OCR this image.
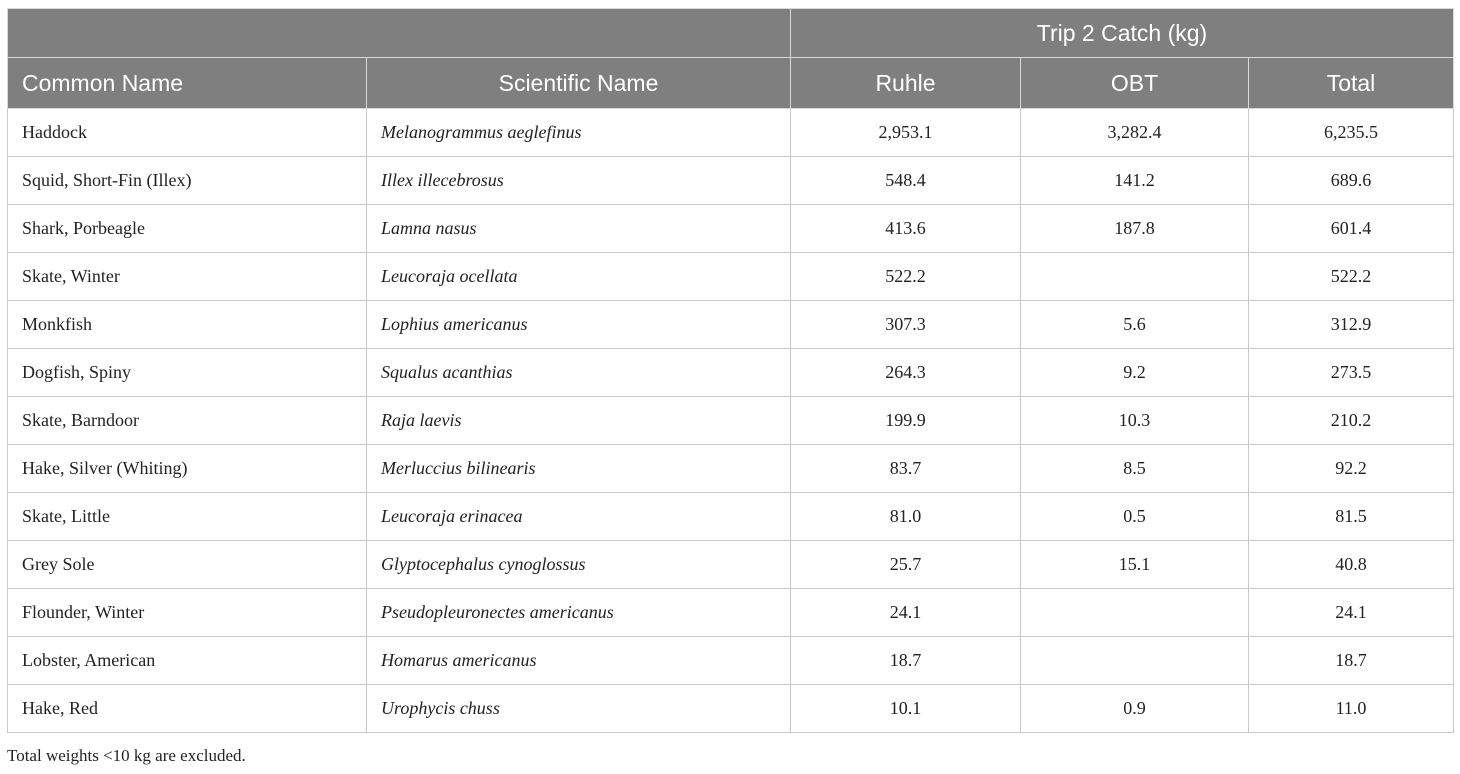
		Trip 2 Catch (kg)		
Common Name	Scientific Name	Ruhle	OBT	Total
Haddock	Melanogrammus aeglefinus	2,953.1	3,282.4	6,235.5
Squid, Short-Fin (Illex)	Illex illecebrosus	548.4	141.2	689.6
Shark, Porbeagle	Lamna nasus	413.6	187.8	601.4
Skate, Winter	Leucoraja ocellata	522.2		522.2
Monkfish	Lophius americanus	307.3	5.6	312.9
Dogfish, Spiny	Squalus acanthias	264.3	9.2	273.5
Skate, Barndoor	Raja laevis	199.9	10.3	210.2
Hake, Silver (Whiting)	Merluccius bilinearis	83.7	8.5	92.2
Skate, Little	Leucoraja erinacea	81.0	0.5	81.5
Grey Sole	Glyptocephalus cynoglossus	25.7	15.1	40.8
Flounder, Winter	Pseudopleuronectes americanus	24.1		24.1
Lobster, American	Homarus americanus	18.7		18.7
Hake, Red	Urophycis chuss	10.1	0.9	11.0
Total weights <10 kg are excluded.
